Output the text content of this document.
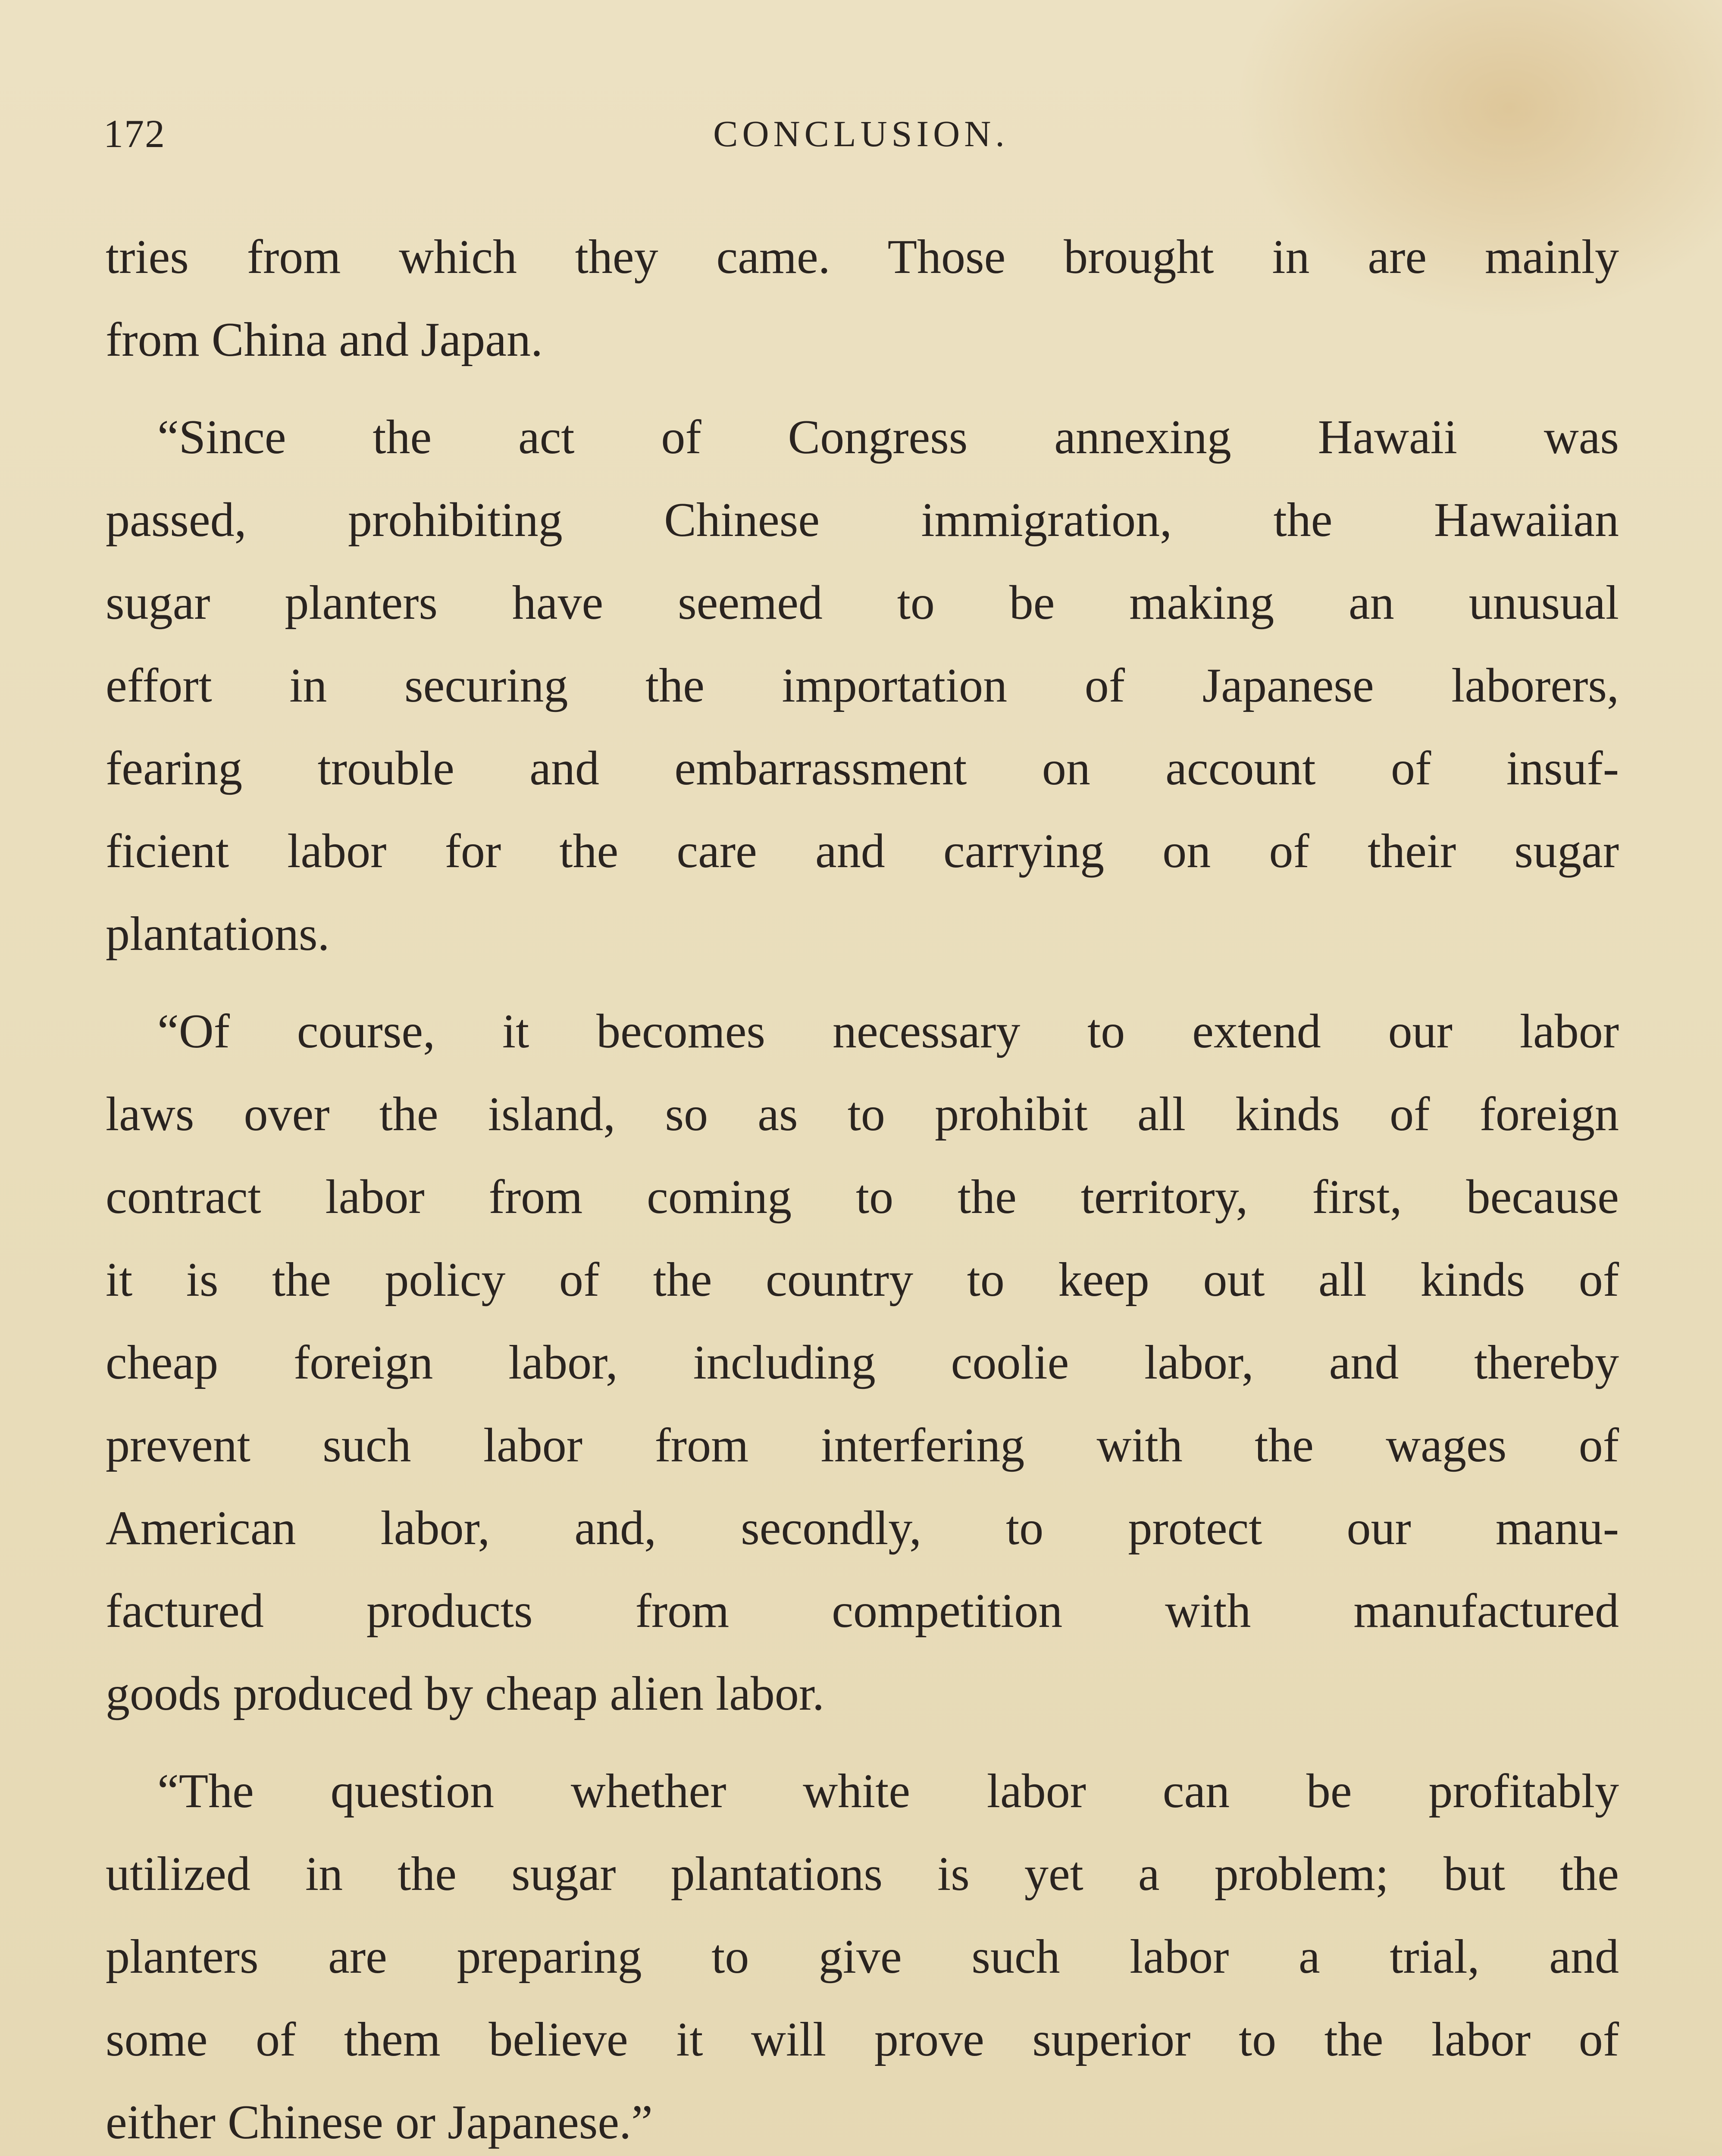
172	CONCLUSION.

tries from which they came. Those brought in are mainly
from China and Japan.

“Since the act of Congress annexing Hawaii was
passed, prohibiting Chinese immigration, the Hawaiian
sugar planters have seemed to be making an unusual
effort in securing the importation of Japanese laborers,
fearing trouble and embarrassment on account of insuf-
ficient labor for the care and carrying on of their sugar
plantations.

“Of course, it becomes necessary to extend our labor
laws over the island, so as to prohibit all kinds of foreign
contract labor from coming to the territory, first, because
it is the policy of the country to keep out all kinds of
cheap foreign labor, including coolie labor, and thereby
prevent such labor from interfering with the wages of
American labor, and, secondly, to protect our manu-
factured products from competition with manufactured
goods produced by cheap alien labor.

“The question whether white labor can be profitably
utilized in the sugar plantations is yet a problem; but the
planters are preparing to give such labor a trial, and
some of them believe it will prove superior to the labor of
either Chinese or Japanese.”
